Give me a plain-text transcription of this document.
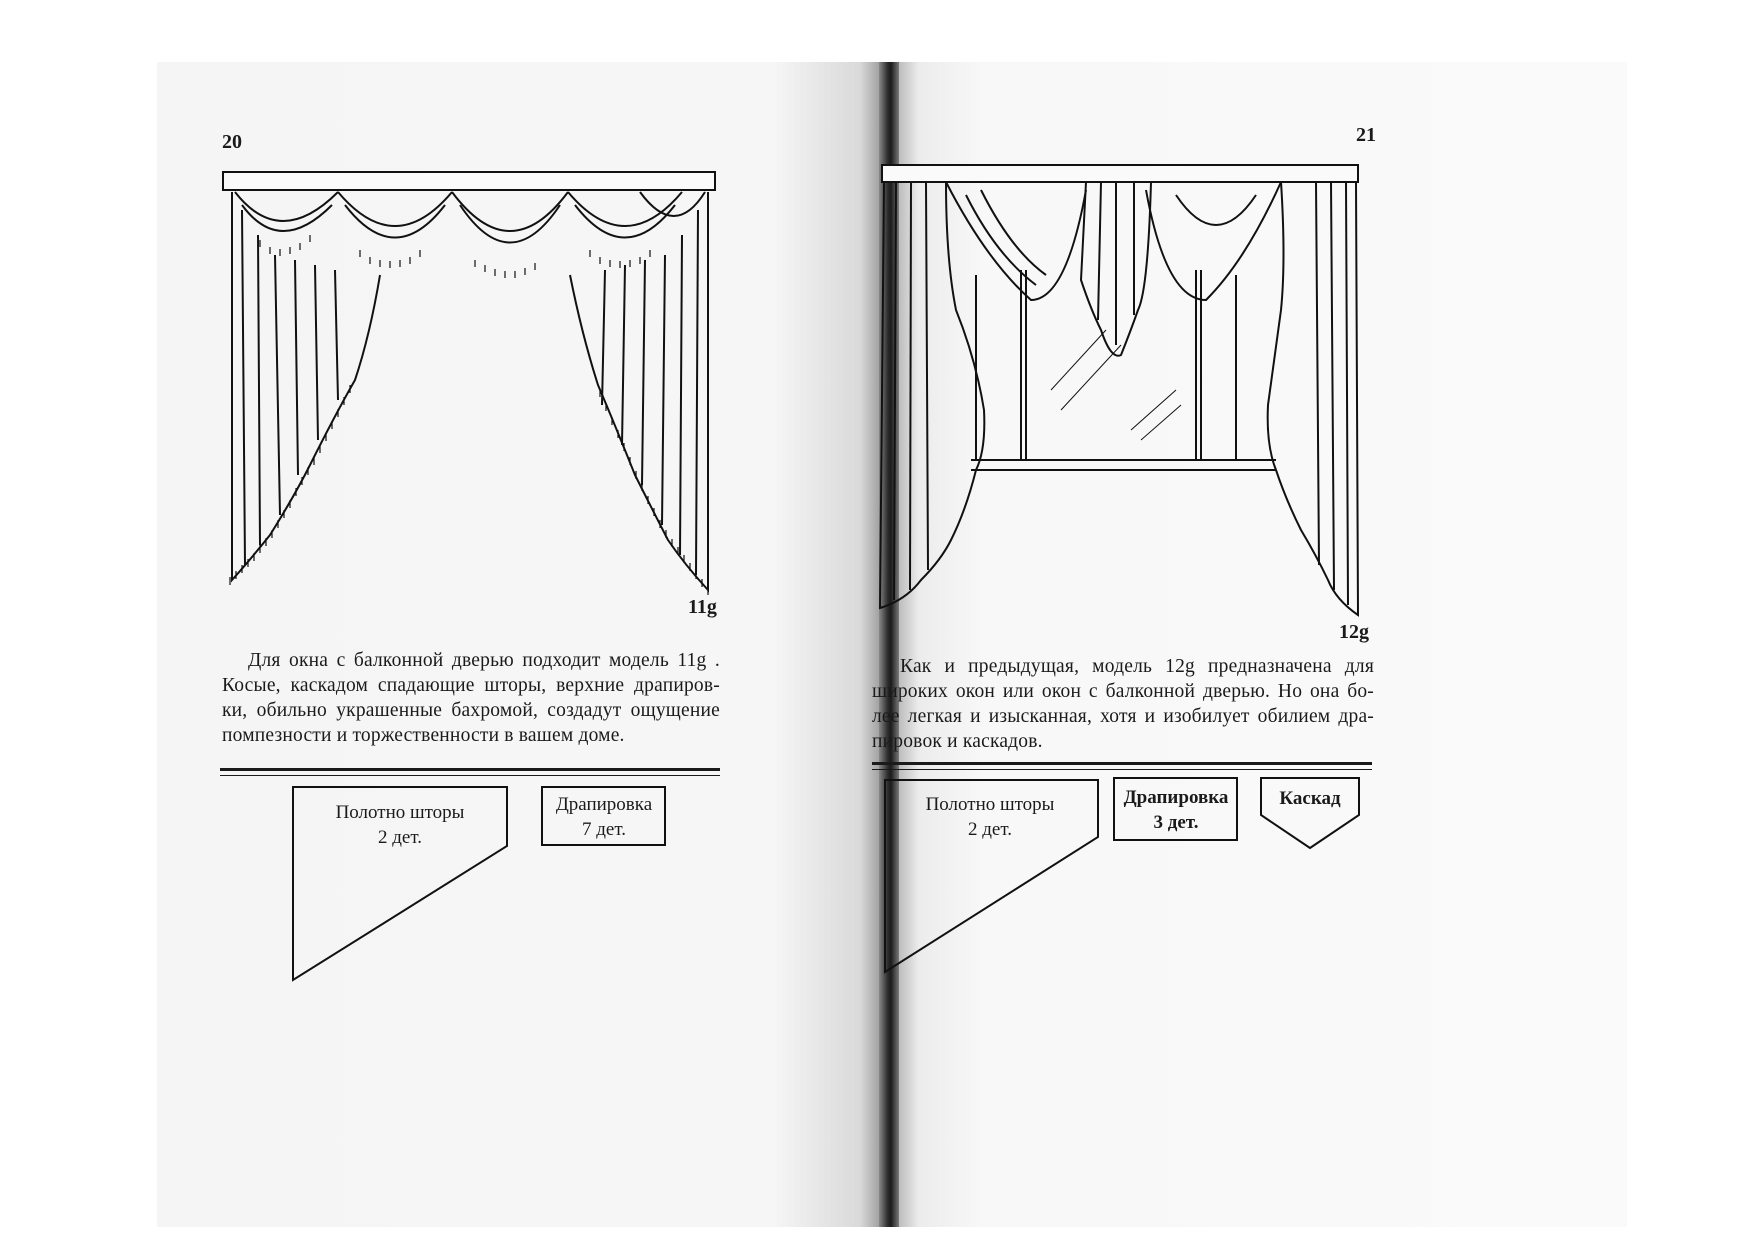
20
11g
Для окна с балконной дверью подходит модель 11g .
Косые, каскадом спадающие шторы, верхние драпиров-
ки, обильно украшенные бахромой, создадут ощущение
помпезности и торжественности в вашем доме.
Полотно шторы
2 дет.
Драпировка
7 дет.
21
12g
Как и предыдущая, модель 12g предназначена для
широких окон или окон с балконной дверью. Но она бо-
лее легкая и изысканная, хотя и изобилует обилием дра-
пировок и каскадов.
Полотно шторы
2 дет.
Драпировка
3 дет.
Каскад
